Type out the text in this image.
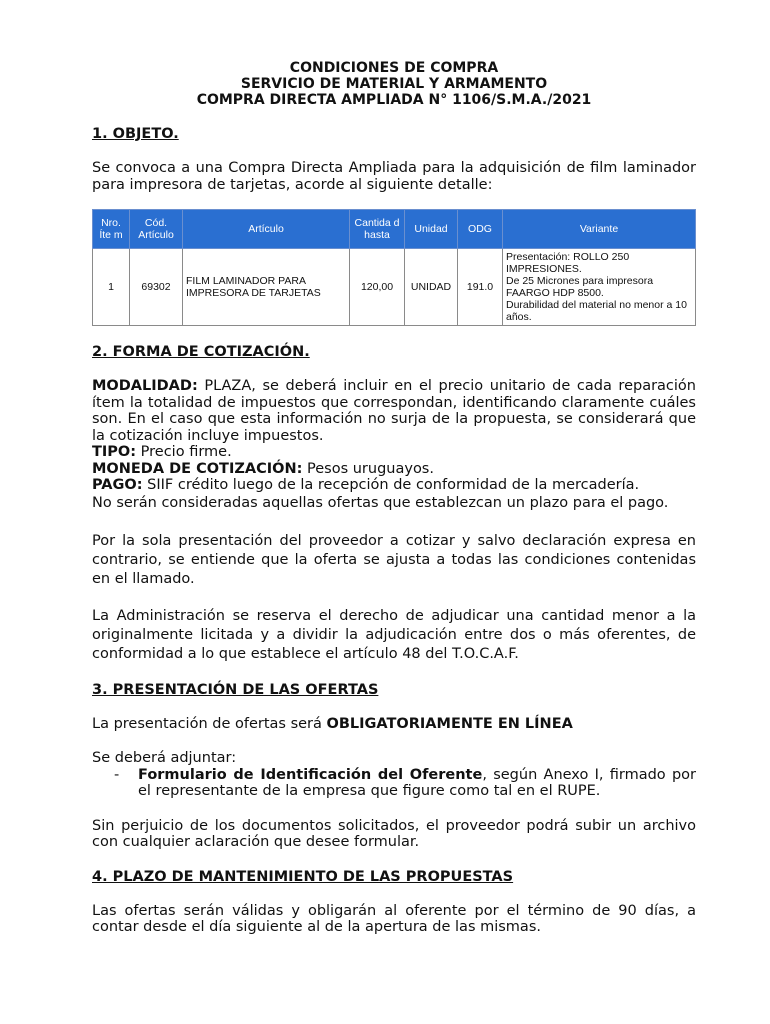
CONDICIONES DE COMPRA
SERVICIO DE MATERIAL Y ARMAMENTO
COMPRA DIRECTA AMPLIADA N° 1106/S.M.A./2021

1. OBJETO.

Se convoca a una Compra Directa Ampliada para la adquisición de film laminador para impresora de tarjetas, acorde al siguiente detalle:

Nro. Íte m	Cód. Artículo	Artículo	Cantida d hasta	Unidad	ODG	Variante
1	69302	FILM LAMINADOR PARA IMPRESORA DE TARJETAS	120,00	UNIDAD	191.0	Presentación: ROLLO 250 IMPRESIONES.
De 25 Micrones para impresora FAARGO HDP 8500.
Durabilidad del material no menor a 10 años.

2. FORMA DE COTIZACIÓN.

MODALIDAD: PLAZA, se deberá incluir en el precio unitario de cada reparación ítem la totalidad de impuestos que correspondan, identificando claramente cuáles son. En el caso que esta información no surja de la propuesta, se considerará que la cotización incluye impuestos.

TIPO: Precio firme.

MONEDA DE COTIZACIÓN: Pesos uruguayos.

PAGO: SIIF crédito luego de la recepción de conformidad de la mercadería.

No serán consideradas aquellas ofertas que establezcan un plazo para el pago.

Por la sola presentación del proveedor a cotizar y salvo declaración expresa en contrario, se entiende que la oferta se ajusta a todas las condiciones contenidas en el llamado.

La Administración se reserva el derecho de adjudicar una cantidad menor a la originalmente licitada y a dividir la adjudicación entre dos o más oferentes, de conformidad a lo que establece el artículo 48 del T.O.C.A.F.

3. PRESENTACIÓN DE LAS OFERTAS

La presentación de ofertas será OBLIGATORIAMENTE EN LÍNEA

Se deberá adjuntar:

-	Formulario de Identificación del Oferente, según Anexo I, firmado por el representante de la empresa que figure como tal en el RUPE.

Sin perjuicio de los documentos solicitados, el proveedor podrá subir un archivo con cualquier aclaración que desee formular.

4. PLAZO DE MANTENIMIENTO DE LAS PROPUESTAS

Las ofertas serán válidas y obligarán al oferente por el término de 90 días, a contar desde el día siguiente al de la apertura de las mismas.
